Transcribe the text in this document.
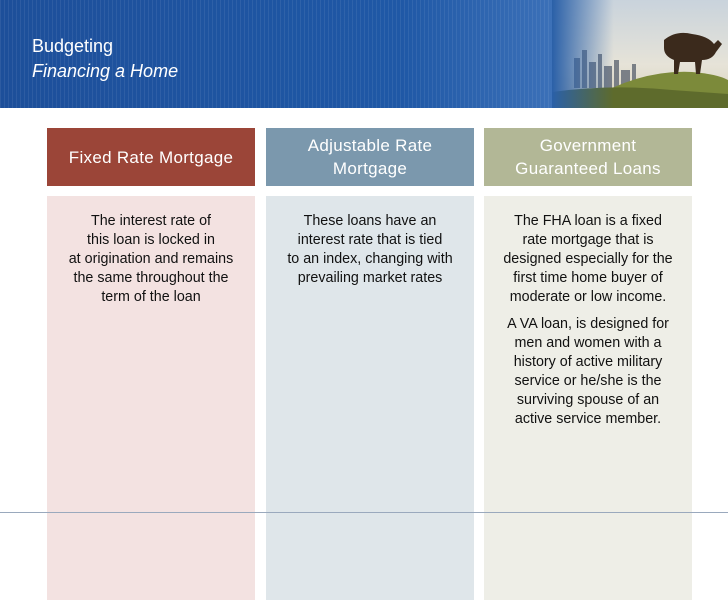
Budgeting
Financing a Home
Fixed Rate Mortgage

The interest rate of
this loan is locked in
at origination and remains
the same throughout the
term of the loan

Adjustable Rate
Mortgage

These loans have an
interest rate that is tied
to an index, changing with
prevailing market rates

Government
Guaranteed Loans

The FHA loan is a fixed
rate mortgage that is
designed especially for the
first time home buyer of
moderate or low income.

A VA loan, is designed for
men and women with a
history of active military
service or he/she is the
surviving spouse of an
active service member.
